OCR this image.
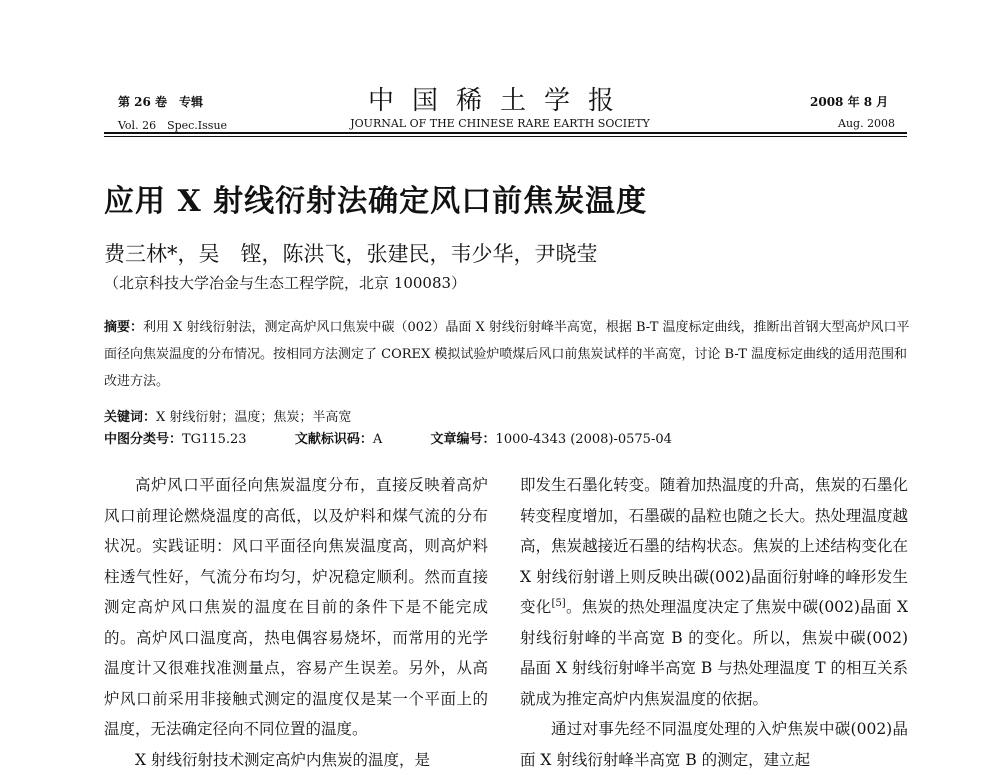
第 26 卷　专辑
Vol. 26　Spec.Issue
中国稀土学报
JOURNAL OF THE CHINESE RARE EARTH SOCIETY
2008 年 8 月
Aug. 2008
应用 X 射线衍射法确定风口前焦炭温度
费三林*，吴　铿，陈洪飞，张建民，韦少华，尹晓莹
（北京科技大学冶金与生态工程学院，北京 100083）
摘要：利用 X 射线衍射法，测定高炉风口焦炭中碳（002）晶面 X 射线衍射峰半高宽，根据 B-T 温度标定曲线，推断出首钢大型高炉风口平面径向焦炭温度的分布情况。按相同方法测定了 COREX 模拟试验炉喷煤后风口前焦炭试样的半高宽，讨论 B-T 温度标定曲线的适用范围和改进方法。
关键词：X 射线衍射；温度；焦炭；半高宽
中图分类号：TG115.23	文献标识码：A	文章编号：1000-4343 (2008)-0575-04

高炉风口平面径向焦炭温度分布，直接反映着高炉风口前理论燃烧温度的高低，以及炉料和煤气流的分布状况。实践证明：风口平面径向焦炭温度高，则高炉料柱透气性好，气流分布均匀，炉况稳定顺利。然而直接测定高炉风口焦炭的温度在目前的条件下是不能完成的。高炉风口温度高，热电偶容易烧坏，而常用的光学温度计又很难找准测量点，容易产生误差。另外，从高炉风口前采用非接触式测定的温度仅是某一个平面上的温度，无法确定径向不同位置的温度。

X 射线衍射技术测定高炉内焦炭的温度，是

即发生石墨化转变。随着加热温度的升高，焦炭的石墨化转变程度增加，石墨碳的晶粒也随之长大。热处理温度越高，焦炭越接近石墨的结构状态。焦炭的上述结构变化在 X 射线衍射谱上则反映出碳(002)晶面衍射峰的峰形发生变化[5]。焦炭的热处理温度决定了焦炭中碳(002)晶面 X 射线衍射峰的半高宽 B 的变化。所以，焦炭中碳(002)晶面 X 射线衍射峰半高宽 B 与热处理温度 T 的相互关系就成为推定高炉内焦炭温度的依据。

通过对事先经不同温度处理的入炉焦炭中碳(002)晶面 X 射线衍射峰半高宽 B 的测定，建立起
